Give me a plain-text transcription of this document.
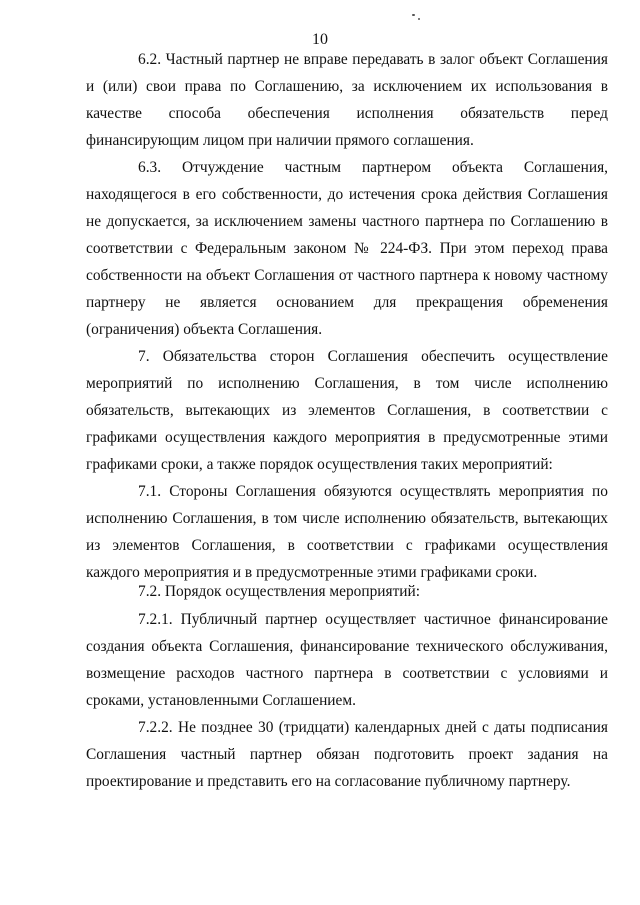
10

6.2. Частный партнер не вправе передавать в залог объект Соглашения и (или) свои права по Соглашению, за исключением их использования в качестве способа обеспечения исполнения обязательств перед финансирующим лицом при наличии прямого соглашения.

6.3. Отчуждение частным партнером объекта Соглашения, находящегося в его собственности, до истечения срока действия Соглашения не допускается, за исключением замены частного партнера по Соглашению в соответствии с Федеральным законом № 224-ФЗ. При этом переход права собственности на объект Соглашения от частного партнера к новому частному партнеру не является основанием для прекращения обременения (ограничения) объекта Соглашения.

7. Обязательства сторон Соглашения обеспечить осуществление мероприятий по исполнению Соглашения, в том числе исполнению обязательств, вытекающих из элементов Соглашения, в соответствии с графиками осуществления каждого мероприятия в предусмотренные этими графиками сроки, а также порядок осуществления таких мероприятий:

7.1. Стороны Соглашения обязуются осуществлять мероприятия по исполнению Соглашения, в том числе исполнению обязательств, вытекающих из элементов Соглашения, в соответствии с графиками осуществления каждого мероприятия и в предусмотренные этими графиками сроки.

7.2. Порядок осуществления мероприятий:

7.2.1. Публичный партнер осуществляет частичное финансирование создания объекта Соглашения, финансирование технического обслуживания, возмещение расходов частного партнера в соответствии с условиями и сроками, установленными Соглашением.

7.2.2. Не позднее 30 (тридцати) календарных дней с даты подписания Соглашения частный партнер обязан подготовить проект задания на проектирование и представить его на согласование публичному партнеру.
